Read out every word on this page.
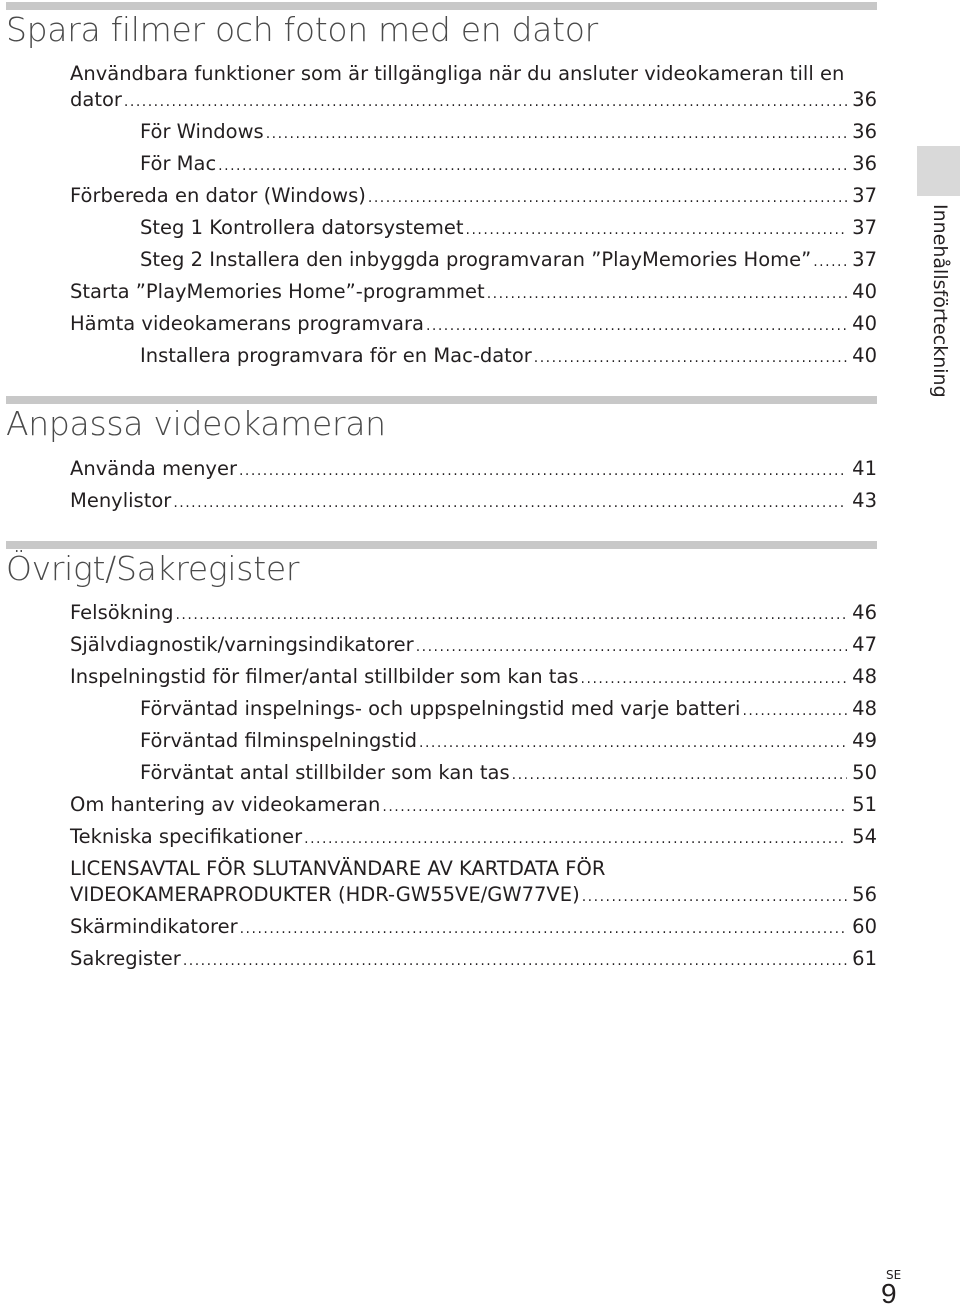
Spara filmer och foton med en dator
Användbara funktioner som är tillgängliga när du ansluter videokameran till en
dator .....	36
För Windows .....	36
För Mac .....	36
Förbereda en dator (Windows) .....	37
Steg 1 Kontrollera datorsystemet .....	37
Steg 2 Installera den inbyggda programvaran ”PlayMemories Home” ..... 37
Starta ”PlayMemories Home”-programmet .....	40
Hämta videokamerans programvara .....	40
Installera programvara för en Mac-dator .....	40
Anpassa videokameran
Använda menyer .....	41
Menylistor .....	43
Övrigt/Sakregister
Felsökning .....	46
Självdiagnostik/varningsindikatorer .....	47
Inspelningstid för filmer/antal stillbilder som kan tas .....	48
Förväntad inspelnings- och uppspelningstid med varje batteri .....	48
Förväntad filminspelningstid .....	49
Förväntat antal stillbilder som kan tas .....	50
Om hantering av videokameran .....	51
Tekniska specifikationer .....	54
LICENSAVTAL FÖR SLUTANVÄNDARE AV KARTDATA FÖR
VIDEOKAMERAPRODUKTER (HDR-GW55VE/GW77VE) .....	56
Skärmindikatorer .....	60
Sakregister .....	61
Innehållsförteckning
SE
9
